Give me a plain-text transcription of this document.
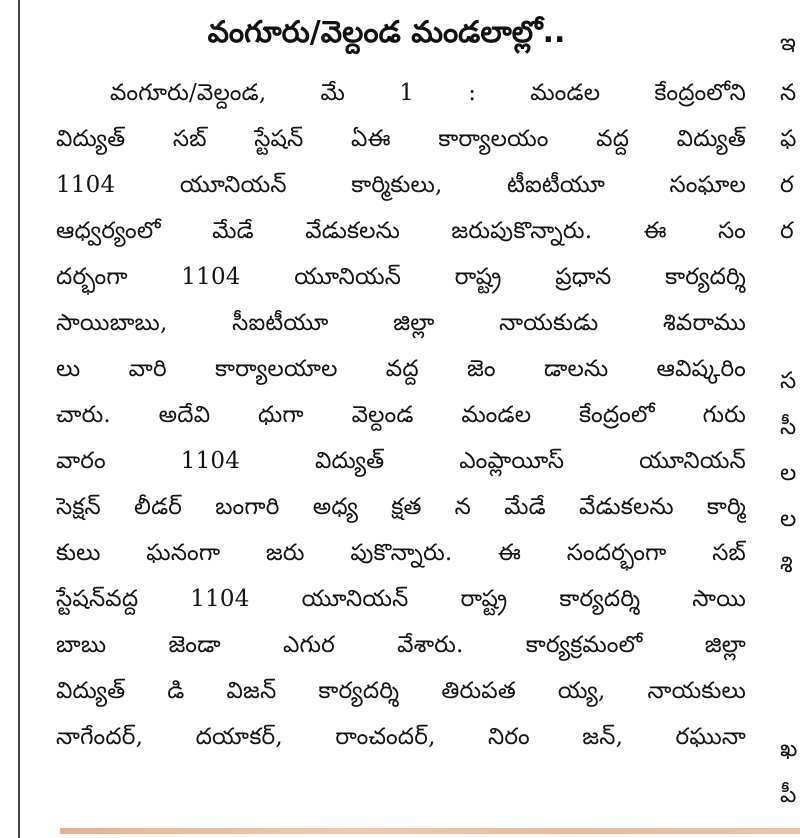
వంగూరు/వెల్దండ మండలాల్లో..
వంగూరు/వెల్దండ, మే 1 : మండల కేంద్రంలోని
విద్యుత్ సబ్ స్టేషన్ ఏఈ కార్యాలయం వద్ద విద్యుత్
1104 యూనియన్ కార్మికులు, టీఐటీయూ సంఘాల
ఆధ్వర్యంలో మేడే వేడుకలను జరుపుకొన్నారు. ఈ సం
దర్భంగా 1104 యూనియన్ రాష్ట్ర ప్రధాన కార్యదర్శి
సాయిబాబు, సీఐటీయూ జిల్లా నాయకుడు శివరాము
లు వారి కార్యాలయాల వద్ద జెం డాలను ఆవిష్కరిం
చారు. అదేవి ధుగా వెల్దండ మండల కేంద్రంలో గురు
వారం 1104 విద్యుత్ ఎంప్లాయీస్ యూనియన్
సెక్షన్ లీడర్ బంగారి అధ్య క్షత న మేడే వేడుకలను కార్మి
కులు ఘనంగా జరు పుకొన్నారు. ఈ సందర్భంగా సబ్
స్టేషన్‌వద్ద 1104 యూనియన్ రాష్ట్ర కార్యదర్శి సాయి
బాబు జెండా ఎగుర వేశారు. కార్యక్రమంలో జిల్లా
విద్యుత్ డి విజన్ కార్యదర్శి తిరుపత య్య, నాయకులు
నాగేందర్, దయాకర్, రాంచందర్, నిరం జన్, రఘునా
ఇ
న
ఫ
ర
ర
స
సీ
ల
ల
శి
ఖ
పీ
